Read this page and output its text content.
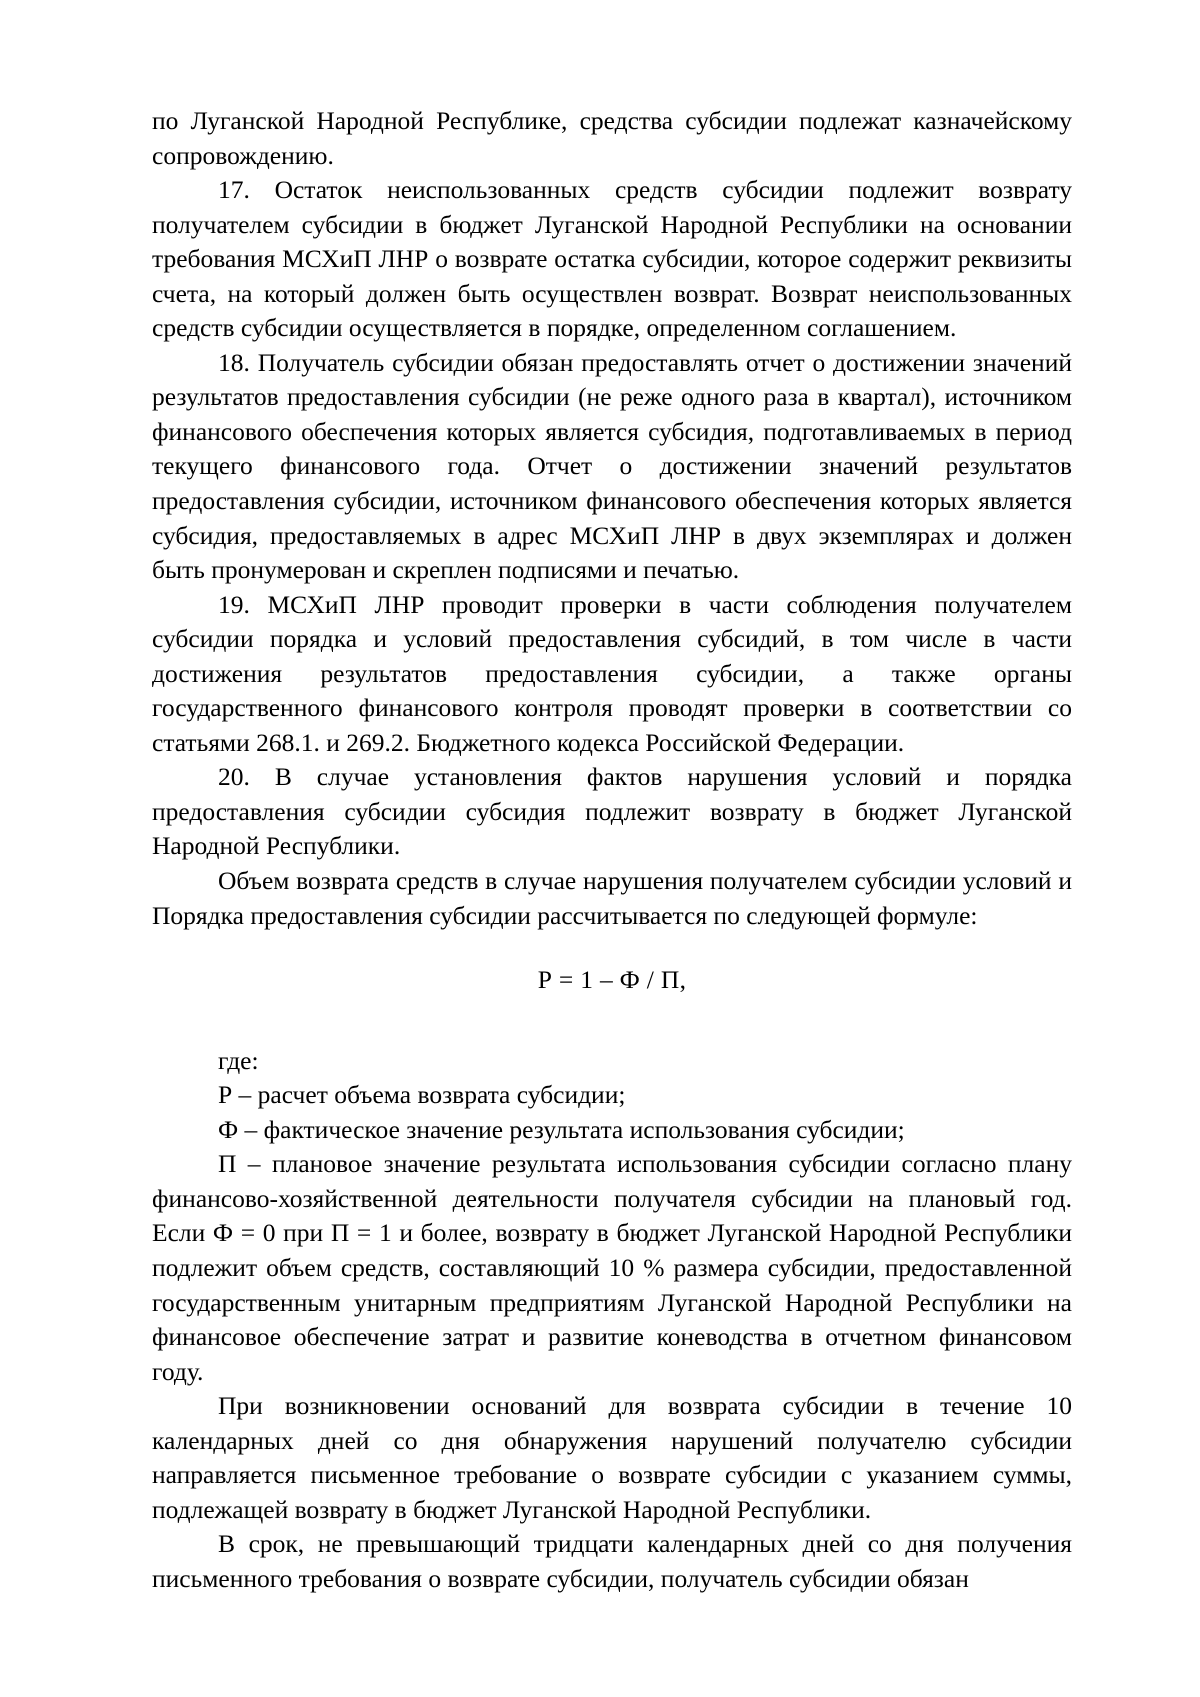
по Луганской Народной Республике, средства субсидии подлежат казначейскому сопровождению.

17. Остаток неиспользованных средств субсидии подлежит возврату получателем субсидии в бюджет Луганской Народной Республики на основании требования МСХиП ЛНР о возврате остатка субсидии, которое содержит реквизиты счета, на который должен быть осуществлен возврат. Возврат неиспользованных средств субсидии осуществляется в порядке, определенном соглашением.

18. Получатель субсидии обязан предоставлять отчет о достижении значений результатов предоставления субсидии (не реже одного раза в квартал), источником финансового обеспечения которых является субсидия, подготавливаемых в период текущего финансового года. Отчет о достижении значений результатов предоставления субсидии, источником финансового обеспечения которых является субсидия, предоставляемых в адрес МСХиП ЛНР в двух экземплярах и должен быть пронумерован и скреплен подписями и печатью.

19. МСХиП ЛНР проводит проверки в части соблюдения получателем субсидии порядка и условий предоставления субсидий, в том числе в части достижения результатов предоставления субсидии, а также органы государственного финансового контроля проводят проверки в соответствии со статьями 268.1. и 269.2. Бюджетного кодекса Российской Федерации.

20. В случае установления фактов нарушения условий и порядка предоставления субсидии субсидия подлежит возврату в бюджет Луганской Народной Республики.

Объем возврата средств в случае нарушения получателем субсидии условий и Порядка предоставления субсидии рассчитывается по следующей формуле:

Р = 1 – Ф / П,

где:

Р – расчет объема возврата субсидии;

Ф – фактическое значение результата использования субсидии;

П – плановое значение результата использования субсидии согласно плану финансово-хозяйственной деятельности получателя субсидии на плановый год. Если Ф = 0 при П = 1 и более, возврату в бюджет Луганской Народной Республики подлежит объем средств, составляющий 10 % размера субсидии, предоставленной государственным унитарным предприятиям Луганской Народной Республики на финансовое обеспечение затрат и развитие коневодства в отчетном финансовом году.

При возникновении оснований для возврата субсидии в течение 10 календарных дней со дня обнаружения нарушений получателю субсидии направляется письменное требование о возврате субсидии с указанием суммы, подлежащей возврату в бюджет Луганской Народной Республики.

В срок, не превышающий тридцати календарных дней со дня получения письменного требования о возврате субсидии, получатель субсидии обязан
